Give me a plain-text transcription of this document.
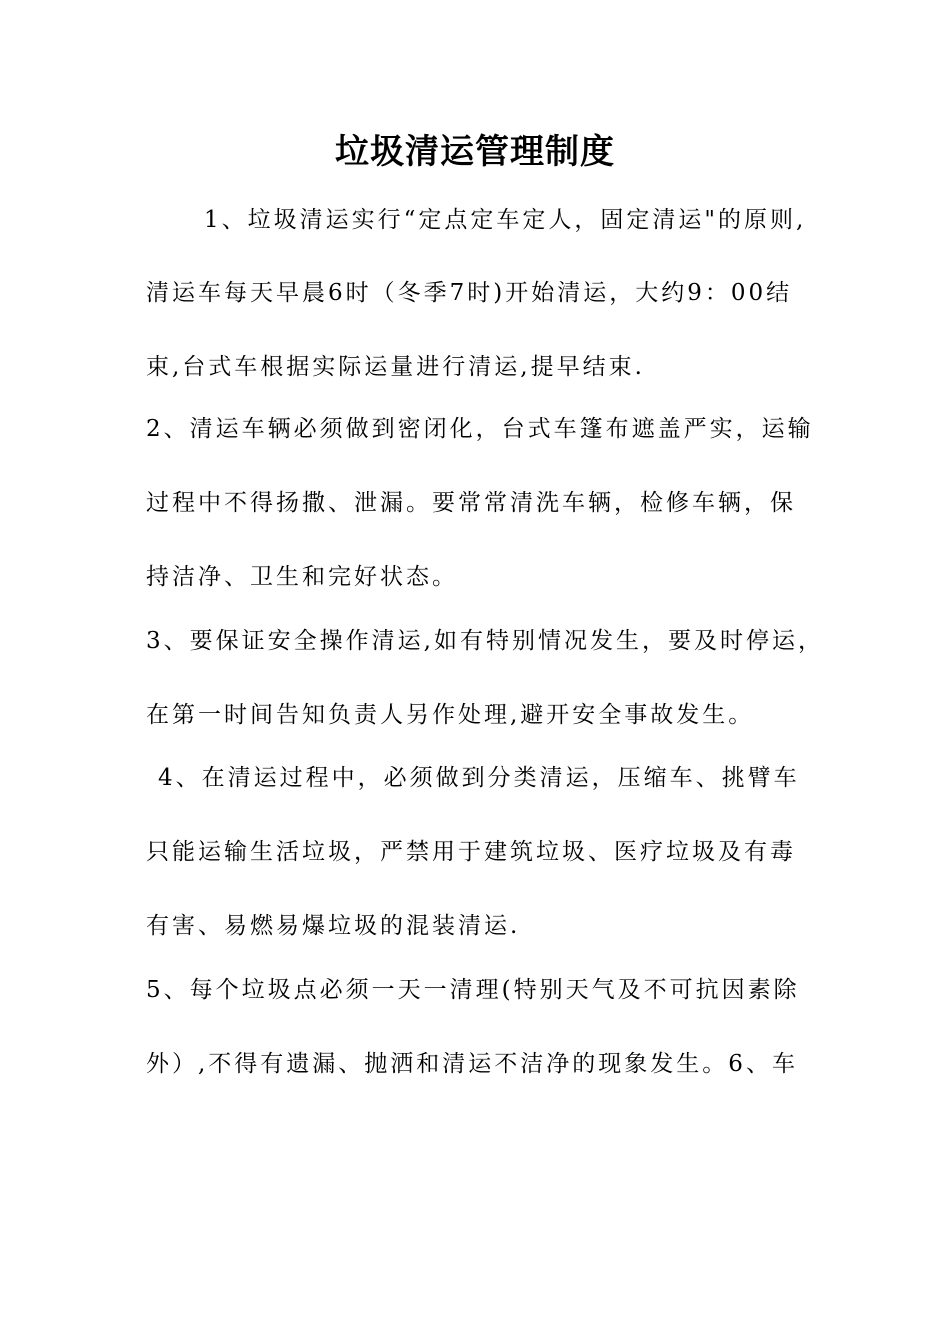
垃圾清运管理制度
1、垃圾清运实行“定点定车定人，固定清运"的原则,
清运车每天早晨6时（冬季7时)开始清运，大约9：00结
束,台式车根据实际运量进行清运,提早结束.
2、清运车辆必须做到密闭化，台式车篷布遮盖严实，运输
过程中不得扬撒、泄漏。要常常清洗车辆，检修车辆，保
持洁净、卫生和完好状态。
3、要保证安全操作清运,如有特别情况发生，要及时停运，
在第一时间告知负责人另作处理,避开安全事故发生。
4、在清运过程中，必须做到分类清运，压缩车、挑臂车
只能运输生活垃圾，严禁用于建筑垃圾、医疗垃圾及有毒
有害、易燃易爆垃圾的混装清运.
5、每个垃圾点必须一天一清理(特别天气及不可抗因素除
外）,不得有遗漏、抛洒和清运不洁净的现象发生。6、车
